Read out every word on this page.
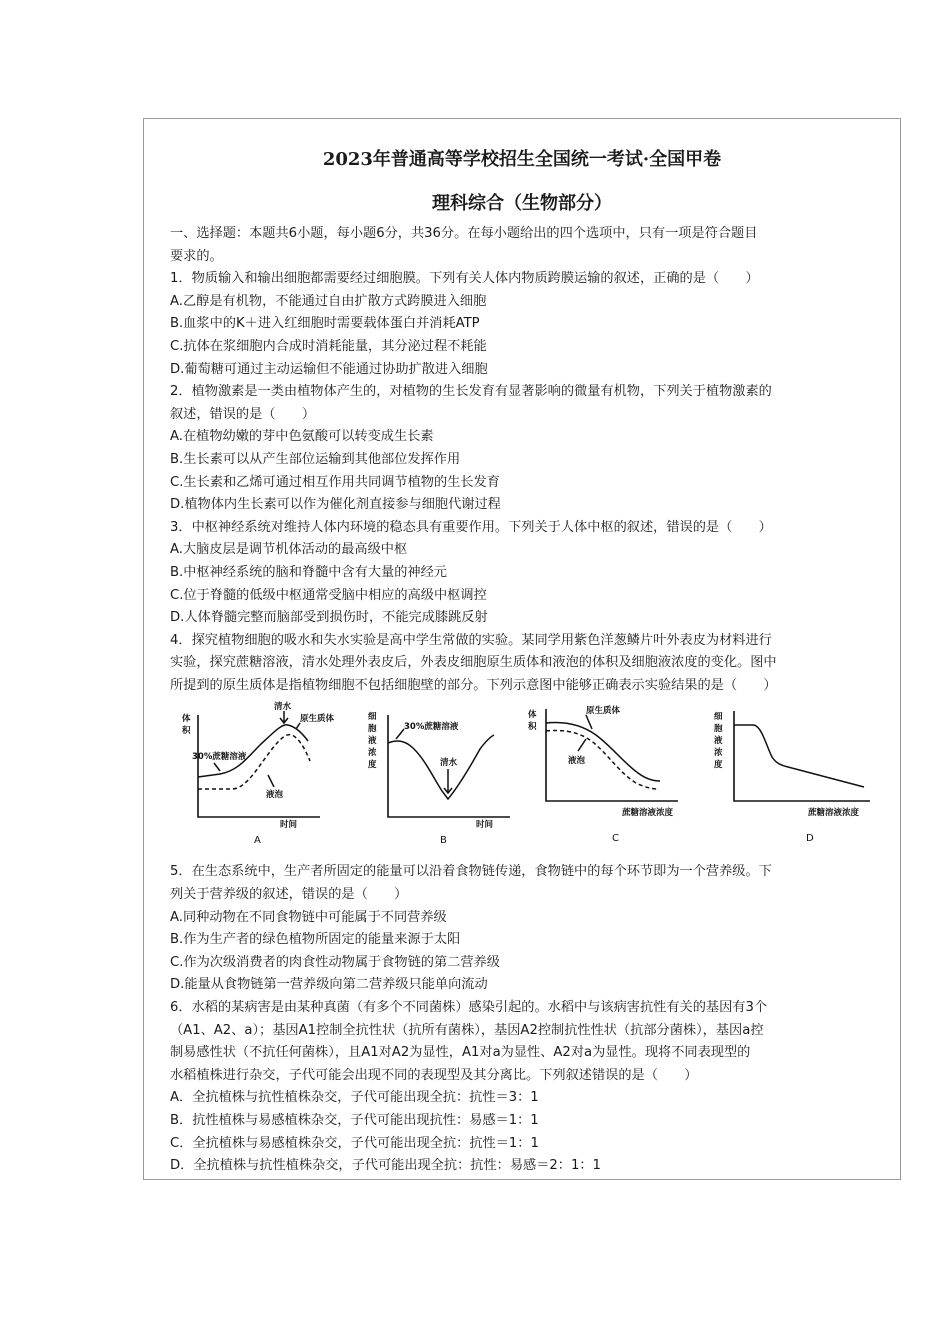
2023年普通高等学校招生全国统一考试·全国甲卷
理科综合（生物部分）

一、选择题：本题共6小题，每小题6分，共36分。在每小题给出的四个选项中，只有一项是符合题目

要求的。

1．物质输入和输出细胞都需要经过细胞膜。下列有关人体内物质跨膜运输的叙述，正确的是（　　）

A.乙醇是有机物，不能通过自由扩散方式跨膜进入细胞

B.血浆中的K＋进入红细胞时需要载体蛋白并消耗ATP

C.抗体在浆细胞内合成时消耗能量，其分泌过程不耗能

D.葡萄糖可通过主动运输但不能通过协助扩散进入细胞

2．植物激素是一类由植物体产生的，对植物的生长发育有显著影响的微量有机物，下列关于植物激素的

叙述，错误的是（　　）

A.在植物幼嫩的芽中色氨酸可以转变成生长素

B.生长素可以从产生部位运输到其他部位发挥作用

C.生长素和乙烯可通过相互作用共同调节植物的生长发育

D.植物体内生长素可以作为催化剂直接参与细胞代谢过程

3．中枢神经系统对维持人体内环境的稳态具有重要作用。下列关于人体中枢的叙述，错误的是（　　）

A.大脑皮层是调节机体活动的最高级中枢

B.中枢神经系统的脑和脊髓中含有大量的神经元

C.位于脊髓的低级中枢通常受脑中相应的高级中枢调控

D.人体脊髓完整而脑部受到损伤时，不能完成膝跳反射

4．探究植物细胞的吸水和失水实验是高中学生常做的实验。某同学用紫色洋葱鳞片叶外表皮为材料进行

实验，探究蔗糖溶液，清水处理外表皮后，外表皮细胞原生质体和液泡的体积及细胞液浓度的变化。图中

所提到的原生质体是指植物细胞不包括细胞壁的部分。下列示意图中能够正确表示实验结果的是（　　）

体
积
时间
A
30%蔗糖溶液
清水
原生质体
液泡
细
胞
液
浓
度
时间
B
30%蔗糖溶液
清水
体
积
蔗糖溶液浓度
C
原生质体
液泡
细
胞
液
浓
度
蔗糖溶液浓度
D

5．在生态系统中，生产者所固定的能量可以沿着食物链传递，食物链中的每个环节即为一个营养级。下

列关于营养级的叙述，错误的是（　　）

A.同种动物在不同食物链中可能属于不同营养级

B.作为生产者的绿色植物所固定的能量来源于太阳

C.作为次级消费者的肉食性动物属于食物链的第二营养级

D.能量从食物链第一营养级向第二营养级只能单向流动

6．水稻的某病害是由某种真菌（有多个不同菌株）感染引起的。水稻中与该病害抗性有关的基因有3个

（A1、A2、a）；基因A1控制全抗性状（抗所有菌株），基因A2控制抗性性状（抗部分菌株），基因a控

制易感性状（不抗任何菌株），且A1对A2为显性，A1对a为显性、A2对a为显性。现将不同表现型的

水稻植株进行杂交，子代可能会出现不同的表现型及其分离比。下列叙述错误的是（　　）

A．全抗植株与抗性植株杂交，子代可能出现全抗：抗性＝3：1

B．抗性植株与易感植株杂交，子代可能出现抗性：易感＝1：1

C．全抗植株与易感植株杂交，子代可能出现全抗：抗性＝1：1

D．全抗植株与抗性植株杂交，子代可能出现全抗：抗性：易感＝2：1：1
